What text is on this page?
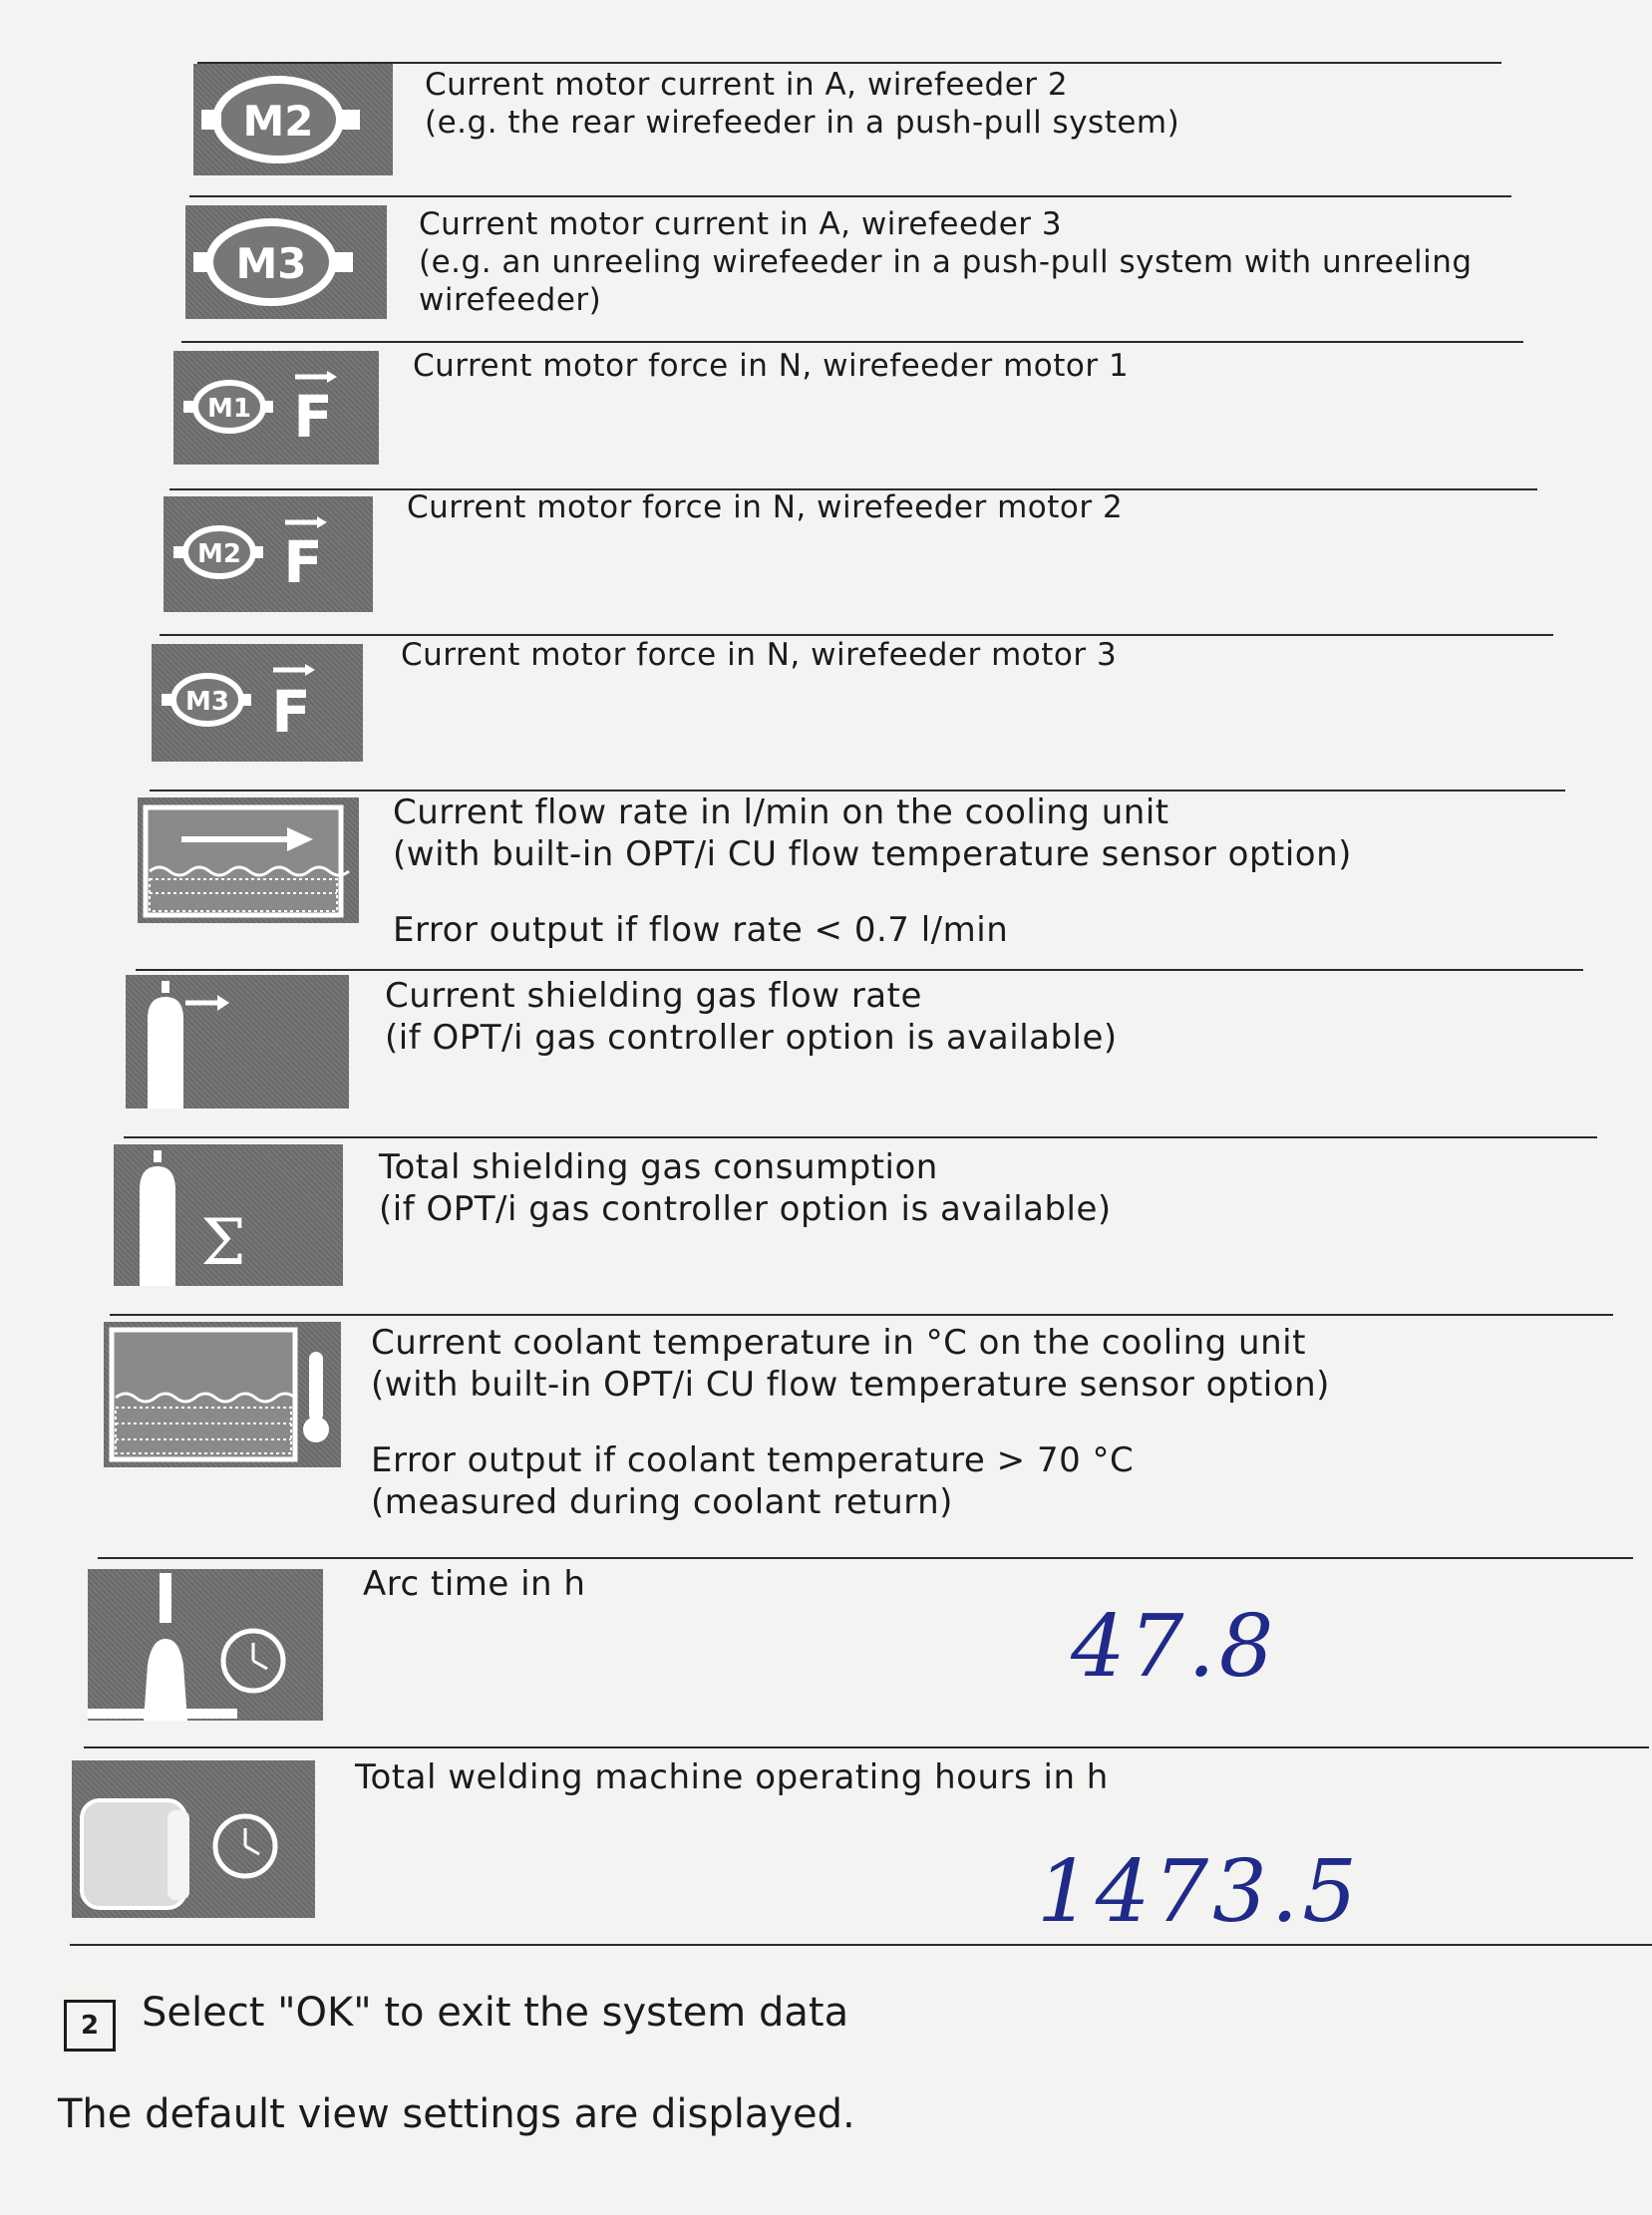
M2
Current motor current in A, wirefeeder 2
(e.g. the rear wirefeeder in a push-pull system)
M3
Current motor current in A, wirefeeder 3
(e.g. an unreeling wirefeeder in a push-pull system with unreeling
wirefeeder)
M1 F
Current motor force in N, wirefeeder motor 1
M2 F
Current motor force in N, wirefeeder motor 2
M3 F
Current motor force in N, wirefeeder motor 3
Current flow rate in l/min on the cooling unit
(with built-in OPT/i CU flow temperature sensor option)
Error output if flow rate < 0.7 l/min
Current shielding gas flow rate
(if OPT/i gas controller option is available)
Σ
Total shielding gas consumption
(if OPT/i gas controller option is available)
Current coolant temperature in °C on the cooling unit
(with built-in OPT/i CU flow temperature sensor option)
Error output if coolant temperature > 70 °C
(measured during coolant return)
Arc time in h
47.8
Total welding machine operating hours in h
1473.5
2	Select "OK" to exit the system data
The default view settings are displayed.
